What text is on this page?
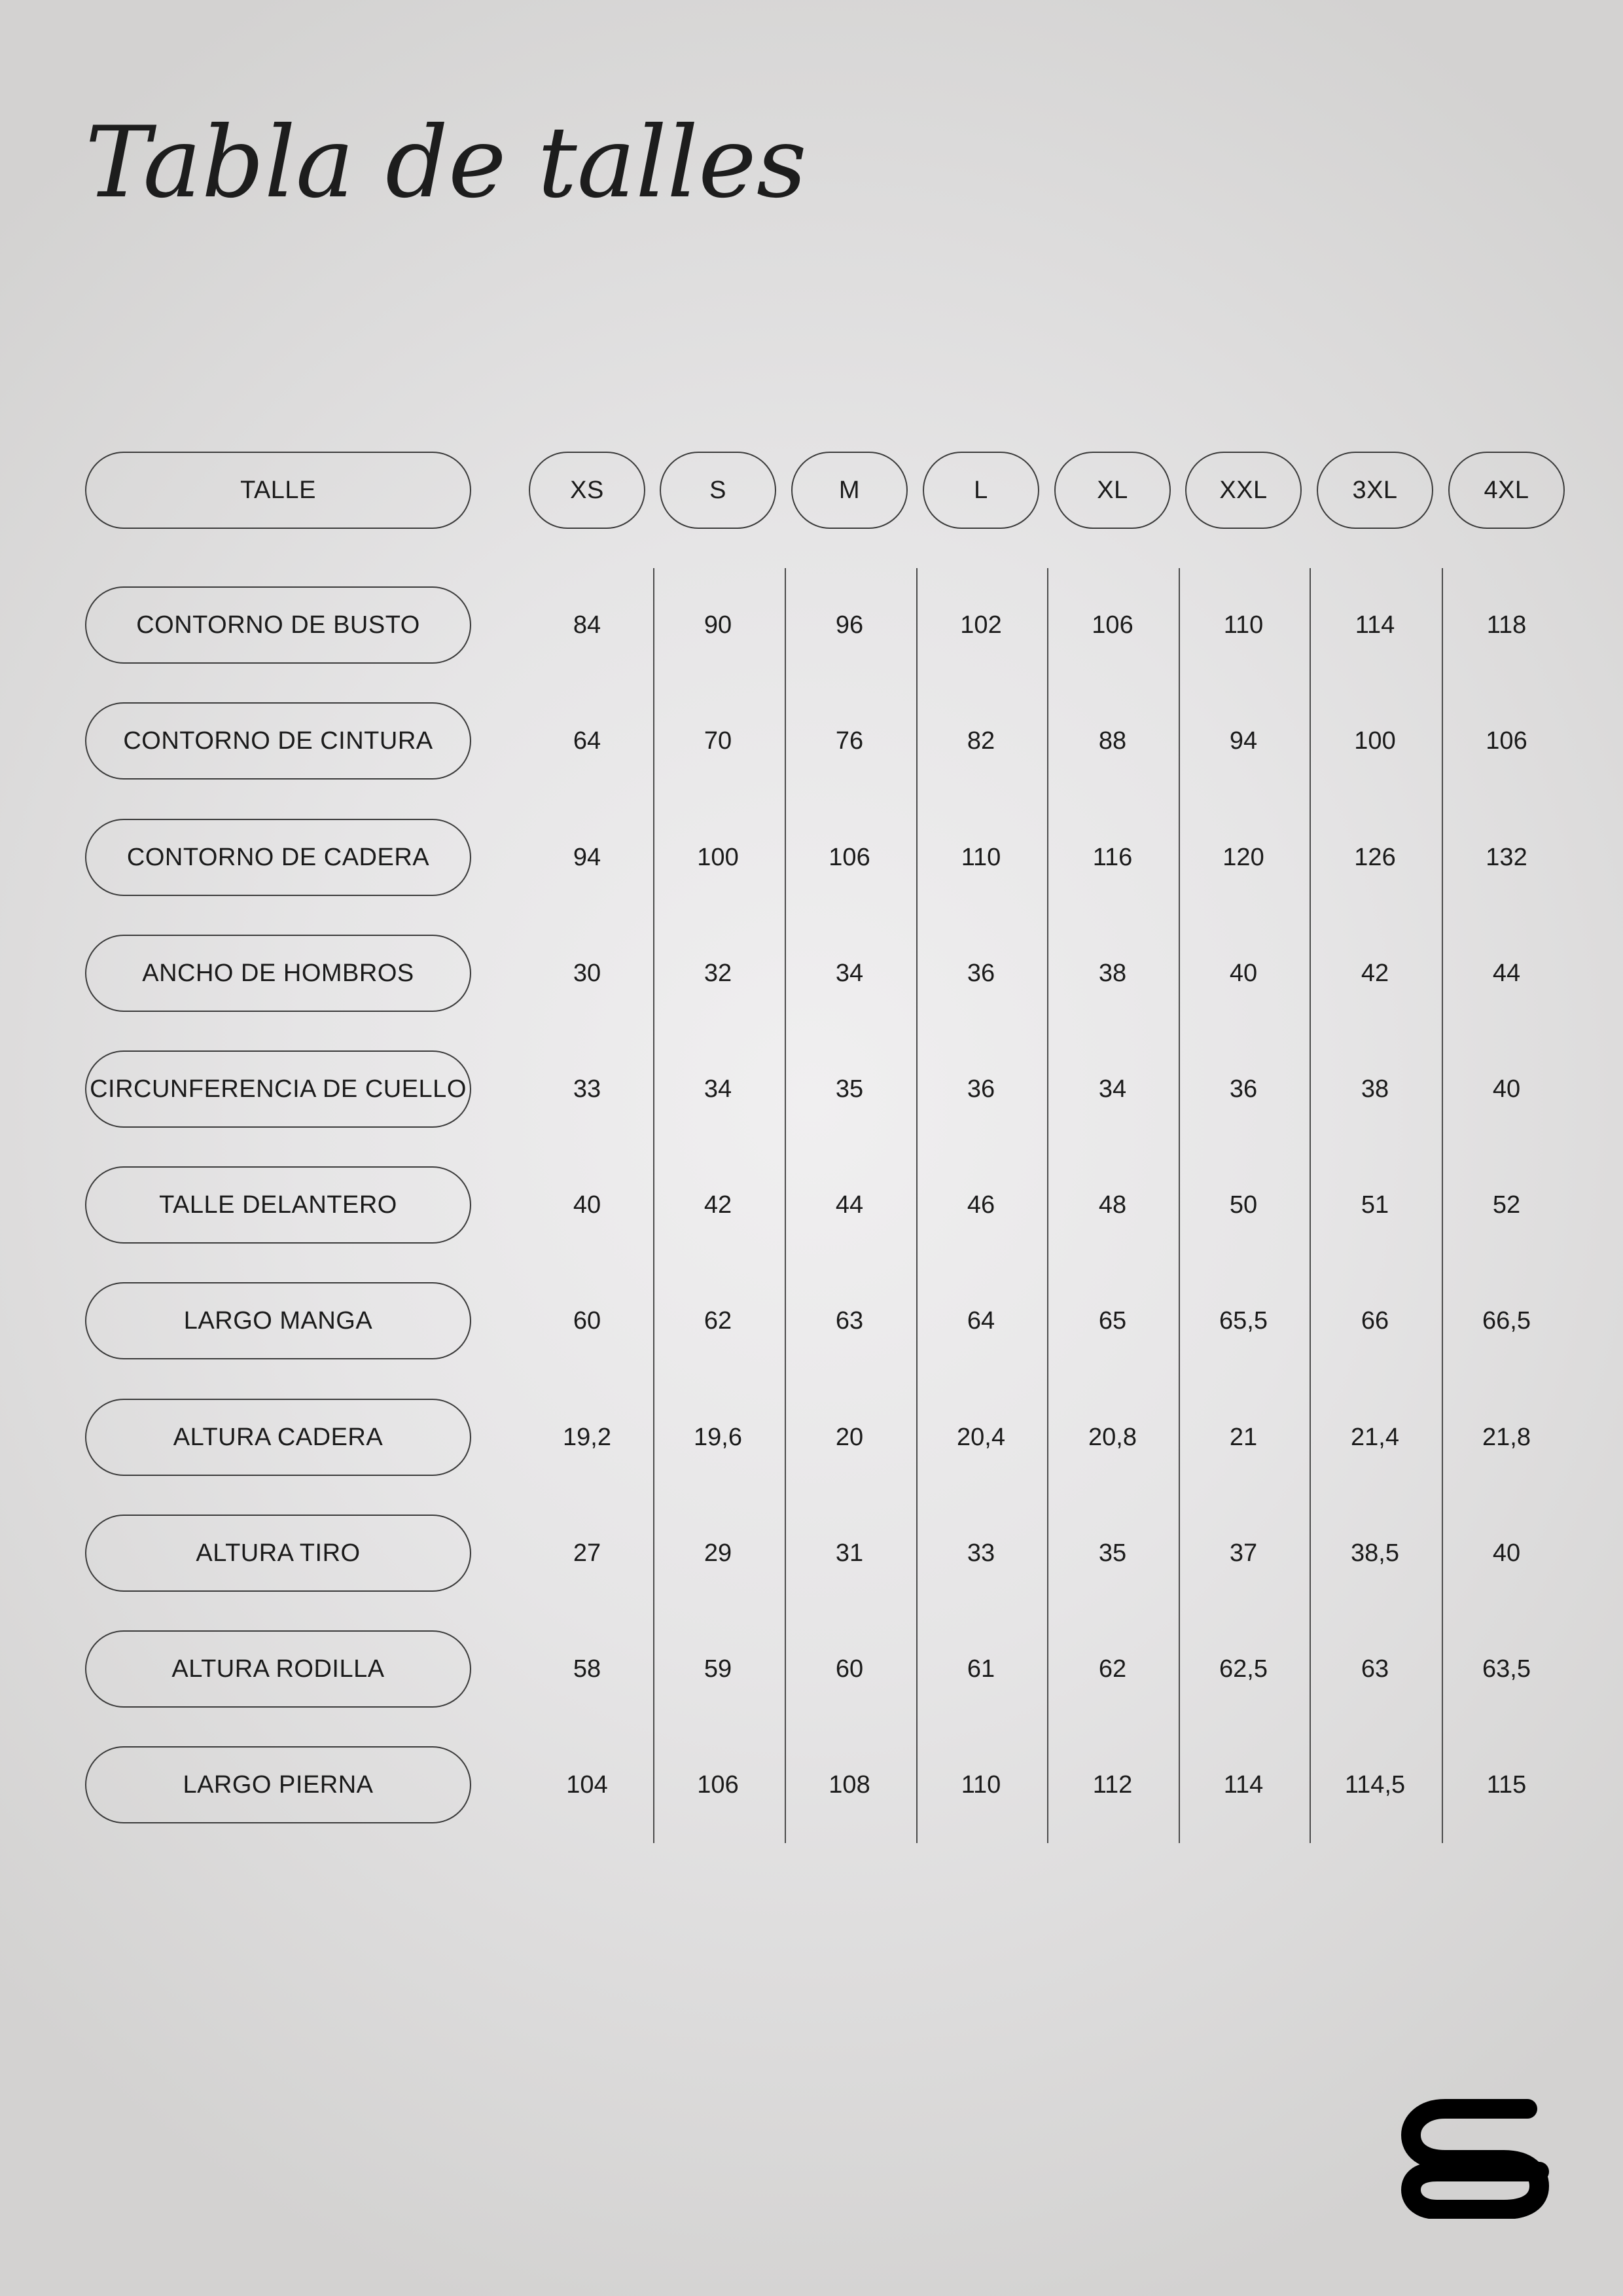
Tabla de talles
TALLE	XS	S	M	L	XL	XXL	3XL	4XL
CONTORNO DE BUSTO	84	90	96	102	106	110	114	118
CONTORNO DE CINTURA	64	70	76	82	88	94	100	106
CONTORNO DE CADERA	94	100	106	110	116	120	126	132
ANCHO DE HOMBROS	30	32	34	36	38	40	42	44
CIRCUNFERENCIA DE CUELLO	33	34	35	36	34	36	38	40
TALLE DELANTERO	40	42	44	46	48	50	51	52
LARGO MANGA	60	62	63	64	65	65,5	66	66,5
ALTURA CADERA	19,2	19,6	20	20,4	20,8	21	21,4	21,8
ALTURA TIRO	27	29	31	33	35	37	38,5	40
ALTURA RODILLA	58	59	60	61	62	62,5	63	63,5
LARGO PIERNA	104	106	108	110	112	114	114,5	115
